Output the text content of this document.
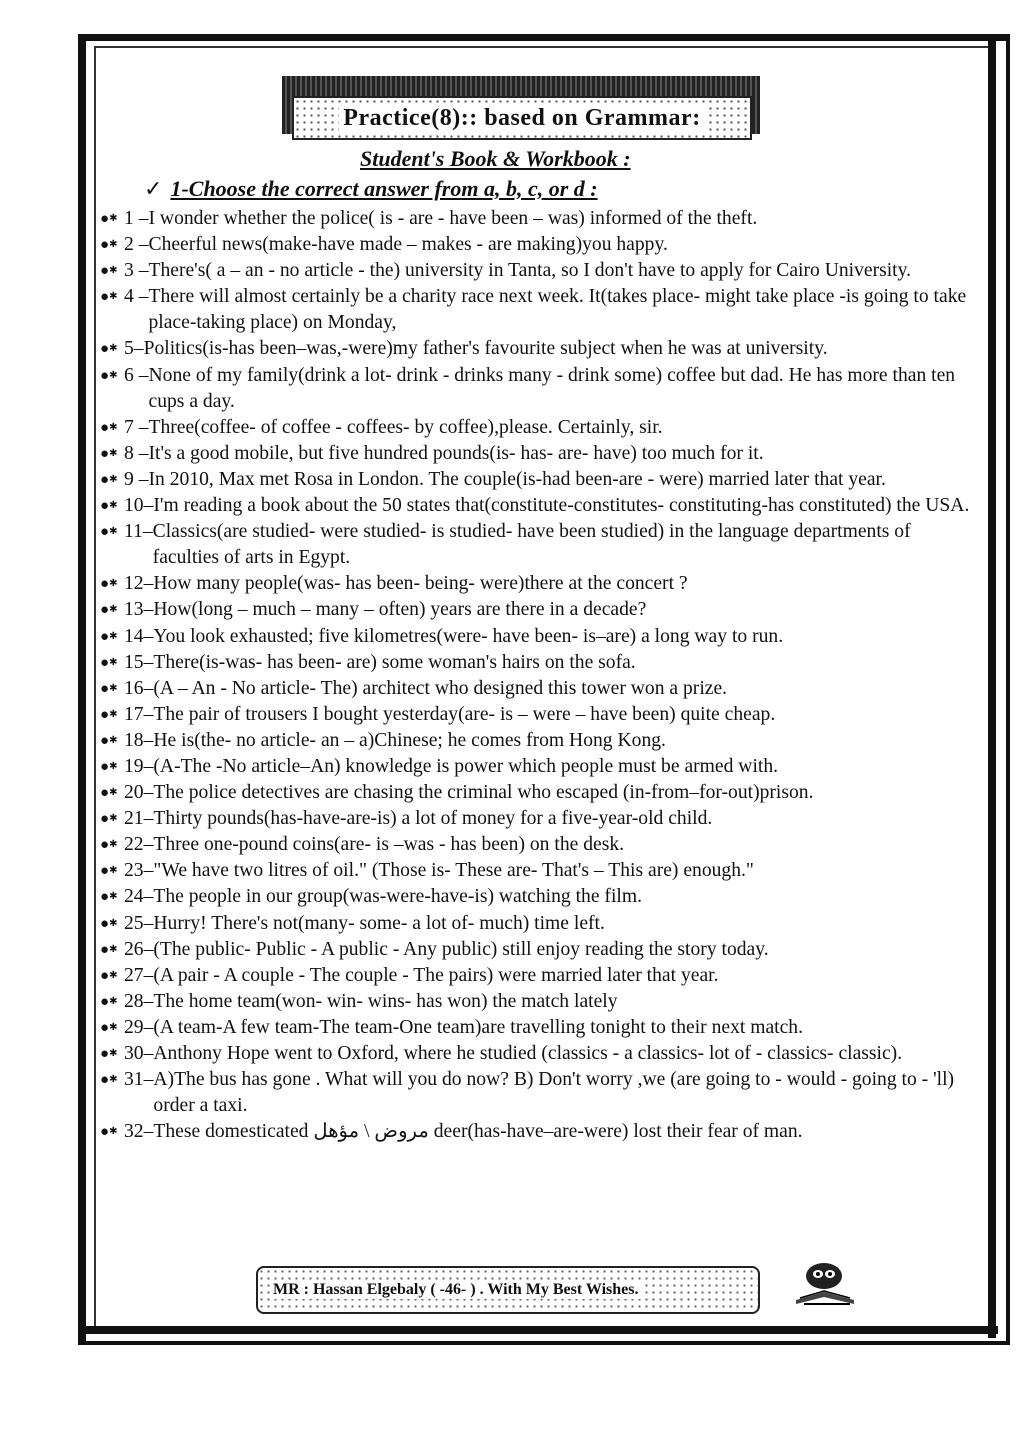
Practice(8):: based on Grammar:
Student's Book & Workbook :
✓ 1-Choose the correct answer from a, b, c, or d :
●✱ 1 – I wonder whether the police( is - are - have been – was) informed of the theft.
●✱ 2 – Cheerful news(make-have made – makes - are making)you happy.
●✱ 3 – There's( a – an - no article - the) university in Tanta, so I don't have to apply for Cairo University.
●✱ 4 – There will almost certainly be a charity race next week. It(takes place- might take place -is going to take place-taking place) on Monday,
●✱ 5– Politics(is-has been–was,-were)my father's favourite subject when he was at university.
●✱ 6 – None of my family(drink a lot- drink - drinks many - drink some) coffee but dad. He has more than ten cups a day.
●✱ 7 – Three(coffee- of coffee - coffees- by coffee),please. Certainly, sir.
●✱ 8 – It's a good mobile, but five hundred pounds(is- has- are- have) too much for it.
●✱ 9 – In 2010, Max met Rosa in London. The couple(is-had been-are - were) married later that year.
●✱ 10– I'm reading a book about the 50 states that(constitute-constitutes- constituting-has constituted) the USA.
●✱ 11– Classics(are studied- were studied- is studied- have been studied) in the language departments of faculties of arts in Egypt.
●✱ 12– How many people(was- has been- being- were)there at the concert ?
●✱ 13– How(long – much – many – often) years are there in a decade?
●✱ 14– You look exhausted; five kilometres(were- have been- is–are) a long way to run.
●✱ 15– There(is-was- has been- are) some woman's hairs on the sofa.
●✱ 16– (A – An - No article- The) architect who designed this tower won a prize.
●✱ 17– The pair of trousers I bought yesterday(are- is – were – have been) quite cheap.
●✱ 18– He is(the- no article- an – a)Chinese; he comes from Hong Kong.
●✱ 19– (A-The -No article–An) knowledge is power which people must be armed with.
●✱ 20– The police detectives are chasing the criminal who escaped (in-from–for-out)prison.
●✱ 21– Thirty pounds(has-have-are-is) a lot of money for a five-year-old child.
●✱ 22– Three one-pound coins(are- is –was - has been) on the desk.
●✱ 23– "We have two litres of oil." (Those is- These are- That's – This are) enough."
●✱ 24– The people in our group(was-were-have-is) watching the film.
●✱ 25– Hurry! There's not(many- some- a lot of- much) time left.
●✱ 26– (The public- Public - A public - Any public) still enjoy reading the story today.
●✱ 27– (A pair - A couple - The couple - The pairs) were married later that year.
●✱ 28– The home team(won- win- wins- has won) the match lately
●✱ 29– (A team-A few team-The team-One team)are travelling tonight to their next match.
●✱ 30– Anthony Hope went to Oxford, where he studied (classics - a classics- lot of - classics- classic).
●✱ 31– A)The bus has gone . What will you do now? B) Don't worry ,we (are going to - would - going to - 'll) order a taxi.
●✱ 32– These domesticated مروض \ مؤهل deer(has-have–are-were) lost their fear of man.
MR : Hassan Elgebaly ( -46- ) . With My Best Wishes.
